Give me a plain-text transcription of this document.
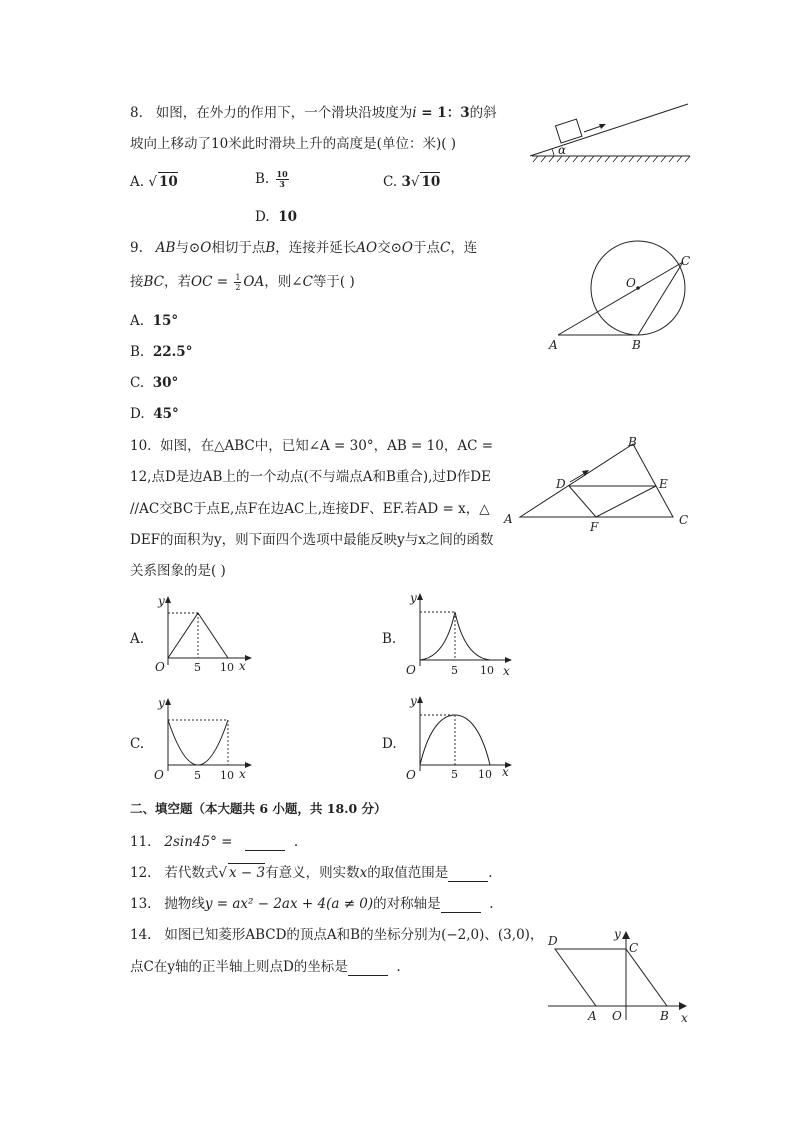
8. 如图，在外力的作用下，一个滑块沿坡度为i = 1：3的斜
坡向上移动了10米此时滑块上升的高度是(单位：米)( )
A. √ 10	B. $\frac{10}{3}$	C. 3√ 10
D. 10
α
9. AB与⊙O相切于点B，连接并延长AO交⊙O于点C，连
接BC，若OC = $\frac{1}{2}$ OA，则∠C等于( )
A. 15°
B. 22.5°
C. 30°
D. 45°
O
C
A	B
10. 如图，在△ABC中，已知∠A = 30°，AB = 10，AC =
12,点D是边AB上的一个动点(不与端点A和B重合),过D作DE
//AC交BC于点E,点F在边AC上,连接DF、EF.若AD = x，△
DEF的面积为y，则下面四个选项中最能反映y与x之间的函数
关系图象的是( )
A
B
C
D	E
F
A.
y
O	5 10 x
B.
y
O	5 10 x
C.
y
O	5 10 x
D.
y
O	5 10 x
二、填空题（本大题共 6 小题，共 18.0 分）
11. 2sin45° =	.
12. 若代数式√ x − 3有意义，则实数x的取值范围是	.
13. 抛物线y = ax² − 2ax + 4(a ≠ 0)的对称轴是	.
14. 如图已知菱形ABCD的顶点A和B的坐标分别为(−2,0)、(3,0)，
点C在y轴的正半轴上则点D的坐标是	.
D	C
y
A O	B x
